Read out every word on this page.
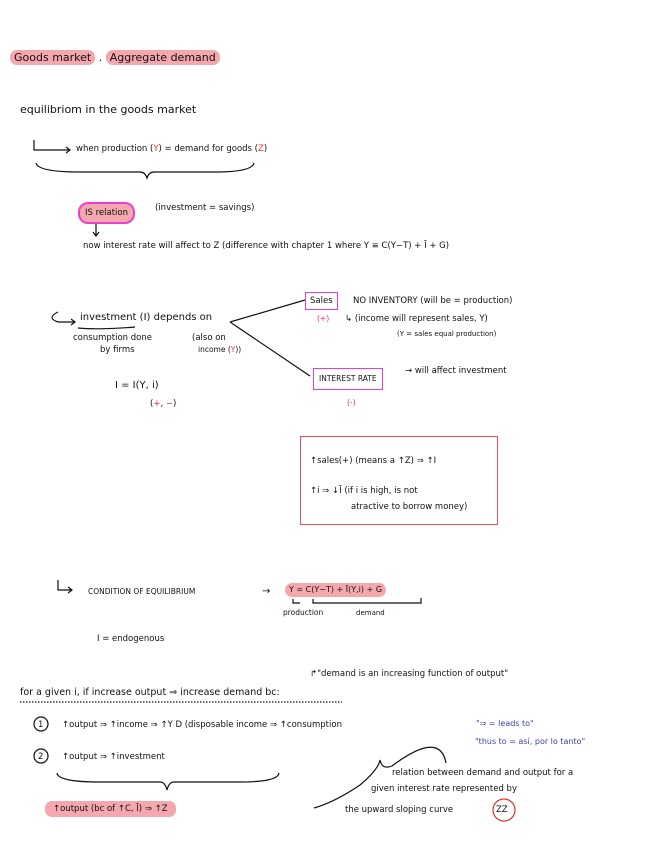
Goods market . Aggregate demand
equilibriom in the goods market
when production (Y) = demand for goods (Z)
IS relation	(investment = savings)
now interest rate will affect to Z (difference with chapter 1 where Y ≡ C(Y−T) + Ī + G)
investment (I) depends on
consumption done
by firms
(also on
income (Y))
Sales	NO INVENTORY (will be = production)
(+) ↳ (income will represent sales, Y)
(Y = sales equal production)
INTEREST RATE
→ will affect investment
(-)
I = I(Y, i)
(+, −)
↑sales(+) (means a ↑Z) ⇒ ↑I
↑i ⇒ ↓Ī (if i is high, is not
atractive to borrow money)
CONDITION OF EQUILIBRIUM	→	Y = C(Y−T) + Ī(Y,i) + G
production	demand
I = endogenous
↱"demand is an increasing function of output"
for a given i, if increase output ⇒ increase demand bc:
1 ↑output ⇒ ↑income ⇒ ↑Y D (disposable income ⇒ ↑consumption
2 ↑output ⇒ ↑investment
↑output (bc of ↑C, Ī) ⇒ ↑Z
"⇒ = leads to"
"thus to = así, por lo tanto"
relation between demand and output for a
given interest rate represented by
the upward sloping curve	ZZ
